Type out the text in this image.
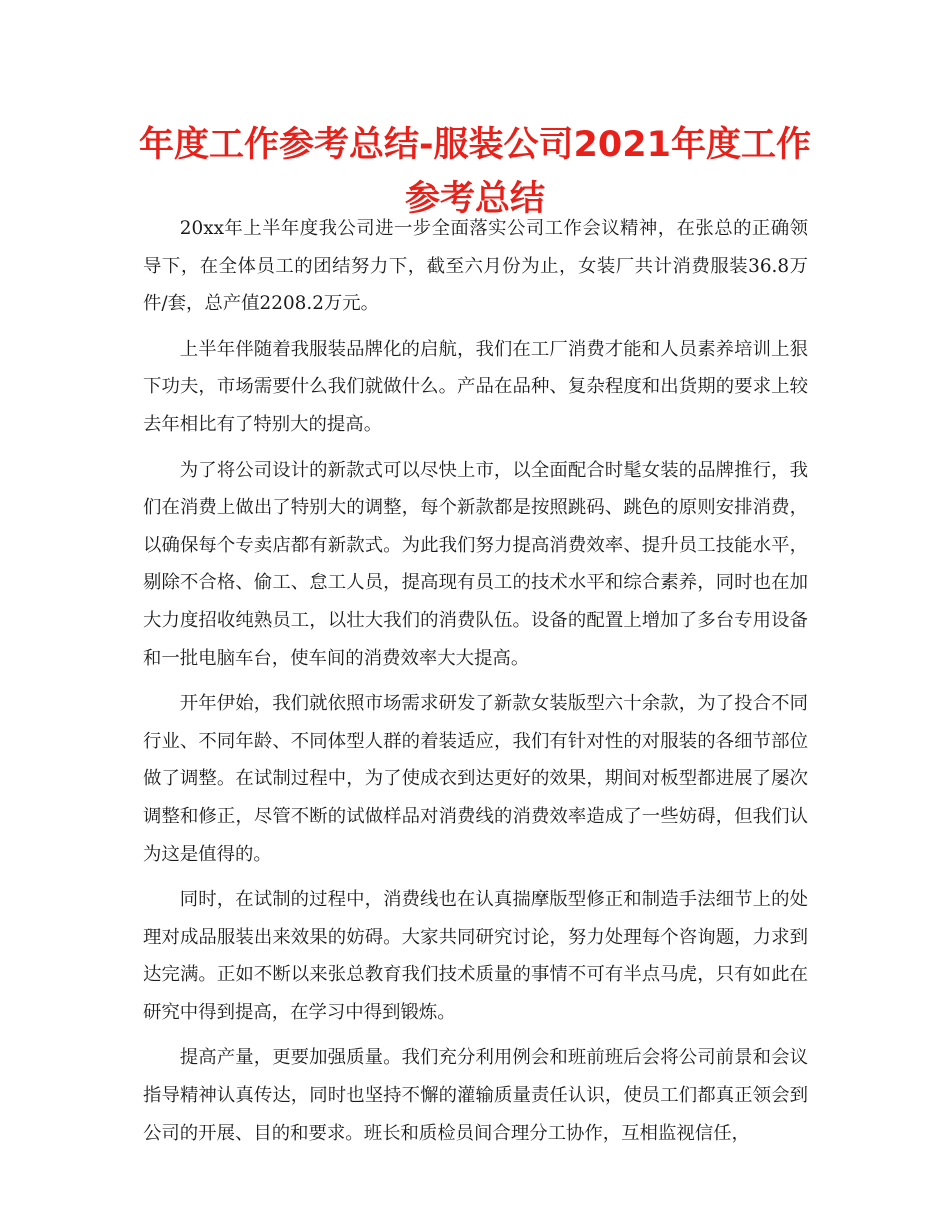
年度工作参考总结-服装公司2021年度工作参考总结

20xx年上半年度我公司进一步全面落实公司工作会议精神，在张总的正确领导下，在全体员工的团结努力下，截至六月份为止，女装厂共计消费服装36.8万件/套，总产值2208.2万元。

上半年伴随着我服装品牌化的启航，我们在工厂消费才能和人员素养培训上狠下功夫，市场需要什么我们就做什么。产品在品种、复杂程度和出货期的要求上较去年相比有了特别大的提高。

为了将公司设计的新款式可以尽快上市，以全面配合时髦女装的品牌推行，我们在消费上做出了特别大的调整，每个新款都是按照跳码、跳色的原则安排消费，以确保每个专卖店都有新款式。为此我们努力提高消费效率、提升员工技能水平，剔除不合格、偷工、怠工人员，提高现有员工的技术水平和综合素养，同时也在加大力度招收纯熟员工，以壮大我们的消费队伍。设备的配置上增加了多台专用设备和一批电脑车台，使车间的消费效率大大提高。

开年伊始，我们就依照市场需求研发了新款女装版型六十余款，为了投合不同行业、不同年龄、不同体型人群的着装适应，我们有针对性的对服装的各细节部位做了调整。在试制过程中，为了使成衣到达更好的效果，期间对板型都进展了屡次调整和修正，尽管不断的试做样品对消费线的消费效率造成了一些妨碍，但我们认为这是值得的。

同时，在试制的过程中，消费线也在认真揣摩版型修正和制造手法细节上的处理对成品服装出来效果的妨碍。大家共同研究讨论，努力处理每个咨询题，力求到达完满。正如不断以来张总教育我们技术质量的事情不可有半点马虎，只有如此在研究中得到提高，在学习中得到锻炼。

提高产量，更要加强质量。我们充分利用例会和班前班后会将公司前景和会议指导精神认真传达，同时也坚持不懈的灌输质量责任认识，使员工们都真正领会到公司的开展、目的和要求。班长和质检员间合理分工协作，互相监视信任，
